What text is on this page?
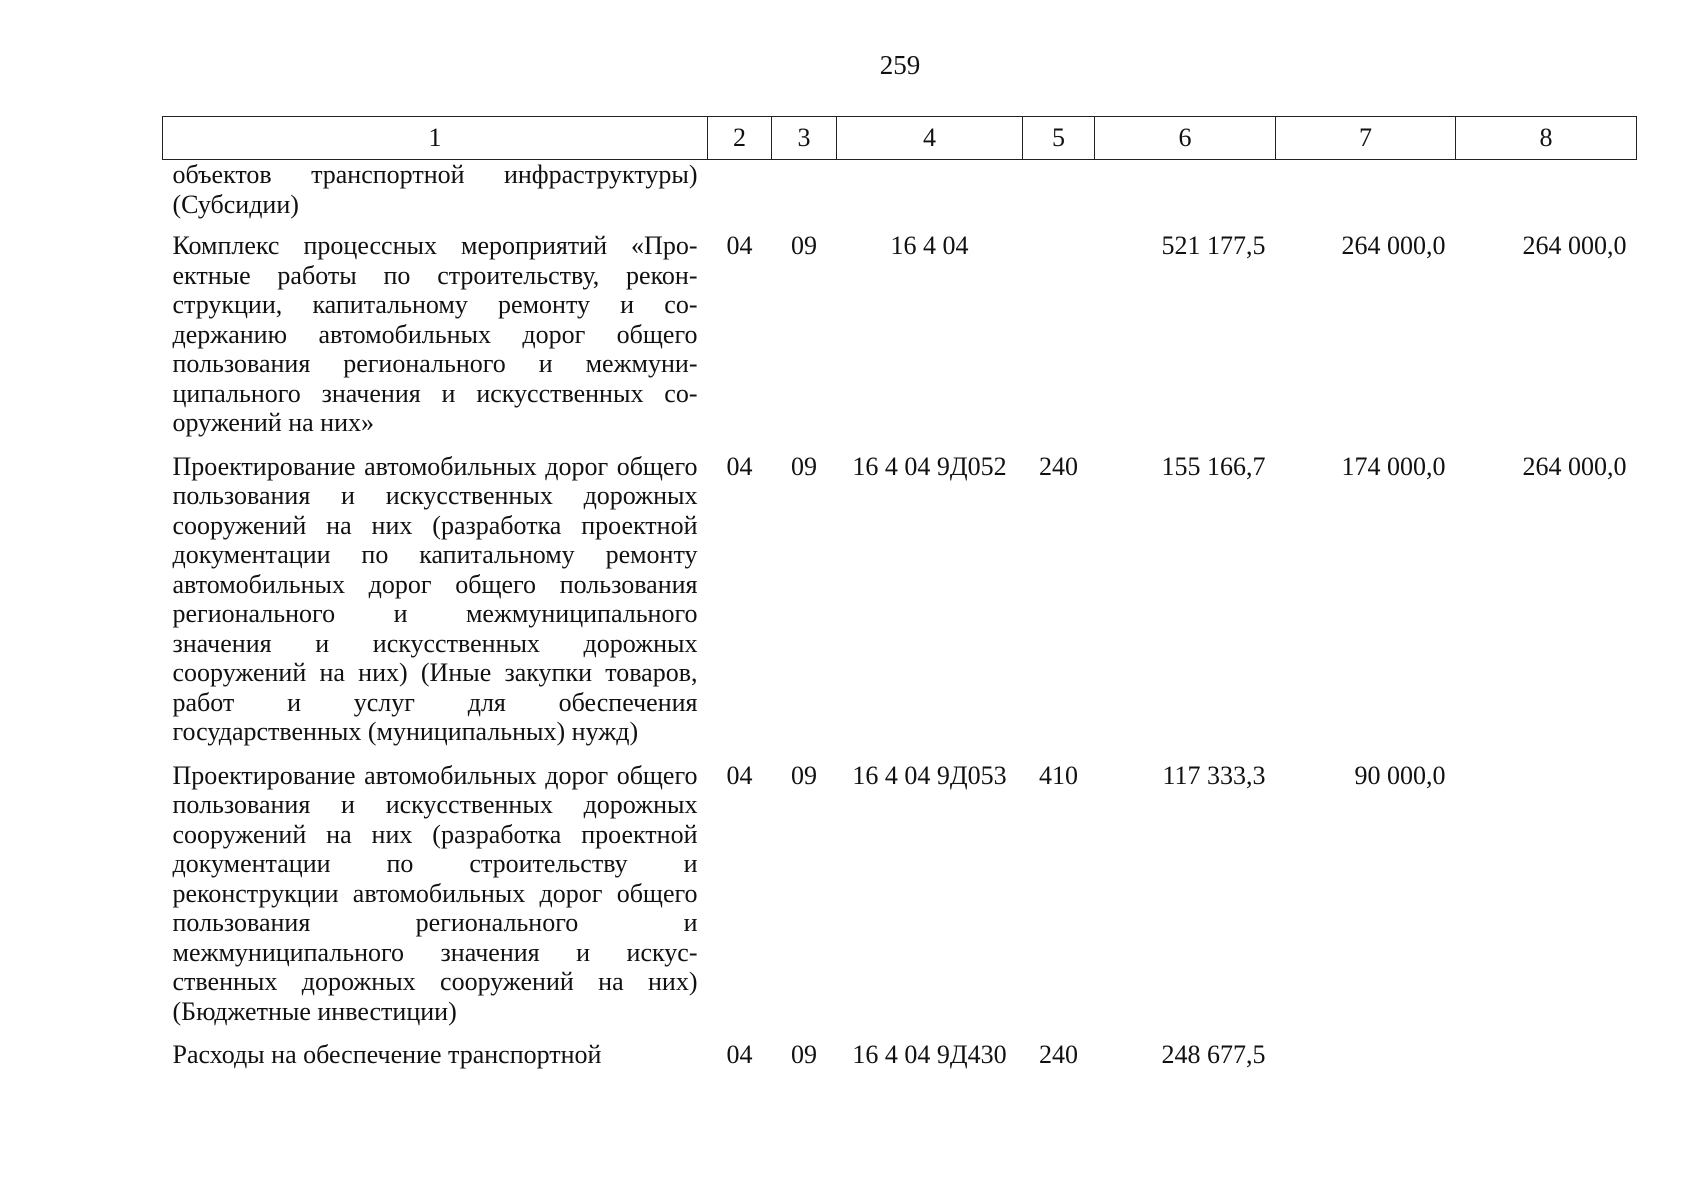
259
1	2	3	4	5	6	7	8
объектов транспортной инфраструктуры) (Субсидии)							
Комплекс процессных мероприятий «Проектные работы по строительству, реконструкции, капитальному ремонту и содержанию автомобильных дорог общего пользования регионального и межмуниципального значения и искусственных сооружений на них»	04	09	16 4 04		521 177,5	264 000,0	264 000,0
Проектирование автомобильных дорог общего пользования и искусственных дорожных сооружений на них (разработка проектной документации по капитальному ремонту автомобильных дорог общего пользования регионального и межмуниципального значения и искусственных дорожных сооружений на них) (Иные закупки товаров, работ и услуг для обеспечения государственных (муниципальных) нужд)	04	09	16 4 04 9Д052	240	155 166,7	174 000,0	264 000,0
Проектирование автомобильных дорог общего пользования и искусственных дорожных сооружений на них (разработка проектной документации по строительству и реконструкции автомобильных дорог общего пользования регионального и межмуниципального значения и искусственных дорожных сооружений на них) (Бюджетные инвестиции)	04	09	16 4 04 9Д053	410	117 333,3	90 000,0	
Расходы на обеспечение транспортной	04	09	16 4 04 9Д430	240	248 677,5		
